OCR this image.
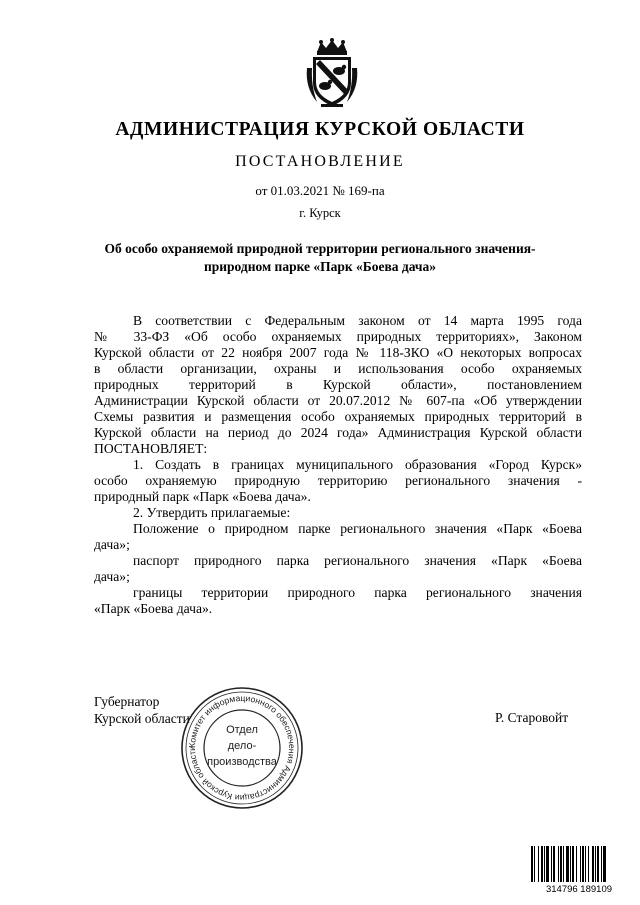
АДМИНИСТРАЦИЯ КУРСКОЙ ОБЛАСТИ
ПОСТАНОВЛЕНИЕ
от 01.03.2021 № 169-па
г. Курск
Об особо охраняемой природной территории регионального значения-
природном парке «Парк «Боева дача»
В соответствии с Федеральным законом от 14 марта 1995 года
№ 33-ФЗ «Об особо охраняемых природных территориях», Законом
Курской области от 22 ноября 2007 года № 118-ЗКО «О некоторых вопросах
в области организации, охраны и использования особо охраняемых
природных территорий в Курской области», постановлением
Администрации Курской области от 20.07.2012 № 607-па «Об утверждении
Схемы развития и размещения особо охраняемых природных территорий в
Курской области на период до 2024 года» Администрация Курской области
ПОСТАНОВЛЯЕТ:
1. Создать в границах муниципального образования «Город Курск»
особо охраняемую природную территорию регионального значения -
природный парк «Парк «Боева дача».
2. Утвердить прилагаемые:
Положение о природном парке регионального значения «Парк «Боева
дача»;
паспорт природного парка регионального значения «Парк «Боева
дача»;
границы территории природного парка регионального значения
«Парк «Боева дача».
Губернатор
Курской области	Р. Старовойт
Комитет информационного обеспечения Администрации Курской области
Отдел
дело-
производства
314796 189109
